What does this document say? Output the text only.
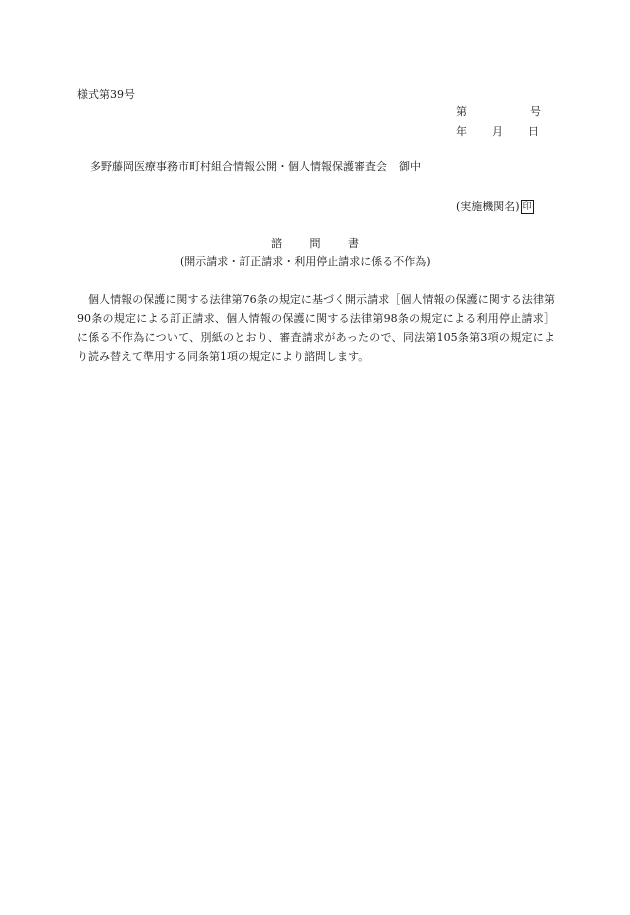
様式第39号
第	号
年 月 日
多野藤岡医療事務市町村組合情報公開・個人情報保護審査会 御中
(実施機関名) 印
諮	問	書
(開示請求・訂正請求・利用停止請求に係る不作為)
個人情報の保護に関する法律第76条の規定に基づく開示請求［個人情報の保護に関する法律第90条の規定による訂正請求、個人情報の保護に関する法律第98条の規定による利用停止請求］に係る不作為について、別紙のとおり、審査請求があったので、同法第105条第3項の規定により読み替えて準用する同条第1項の規定により諮問します。
